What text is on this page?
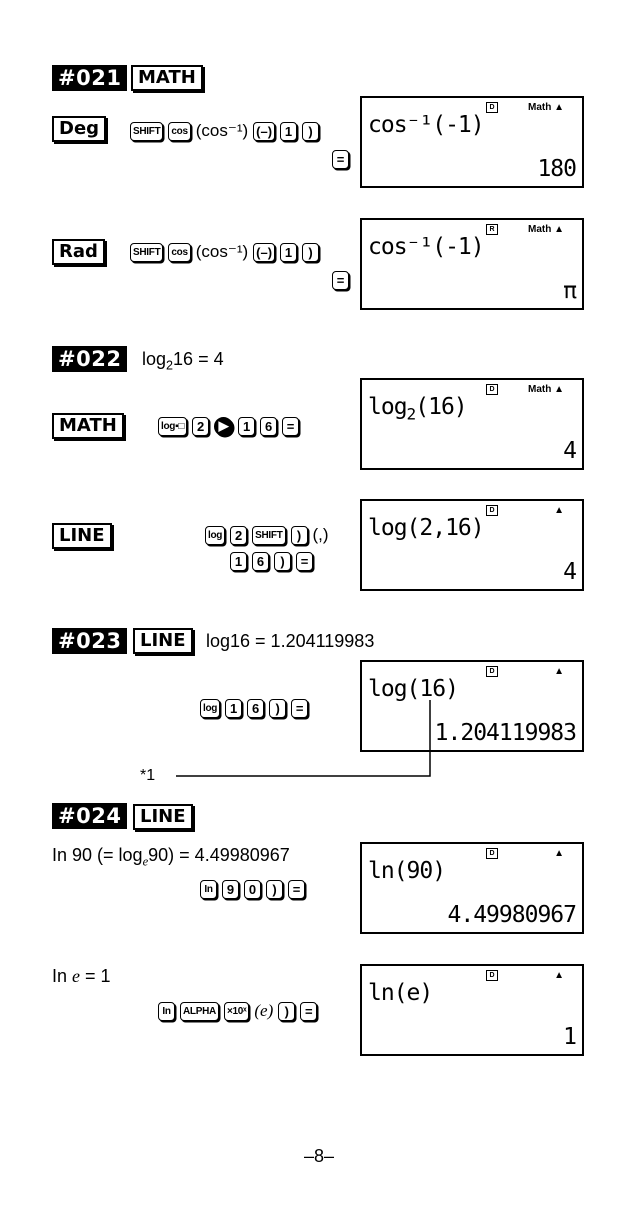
#021 MATH
Deg	SHIFT	cos (cos⁻¹) (–) 1	)
=
D	Math ▲
cos⁻¹(-1)
180
Rad	SHIFT	cos (cos⁻¹) (–) 1	)
=
R	Math ▲
cos⁻¹(-1)
π
#022	$\log_216 = 4$
MATH	log▪□ 2	▶	1	6	=
D	Math ▲
$\log_2(16)$
4
LINE	log 2	SHIFT	) (,)
1	6	)	=
D	▲
log(2,16)
4
#023	LINE	log16 = 1.204119983
log 1	6	)	=
D	▲
log(16)
1.204119983
*1
#024	LINE
In 90 (= $\log_e90) = 4.49980967$
In	9	0	)	=
D	▲
ln(90)
4.49980967
In e = 1
In	ALPHA	×10ˣ (e) )	=
D	▲
ln(e)
1
–8–
